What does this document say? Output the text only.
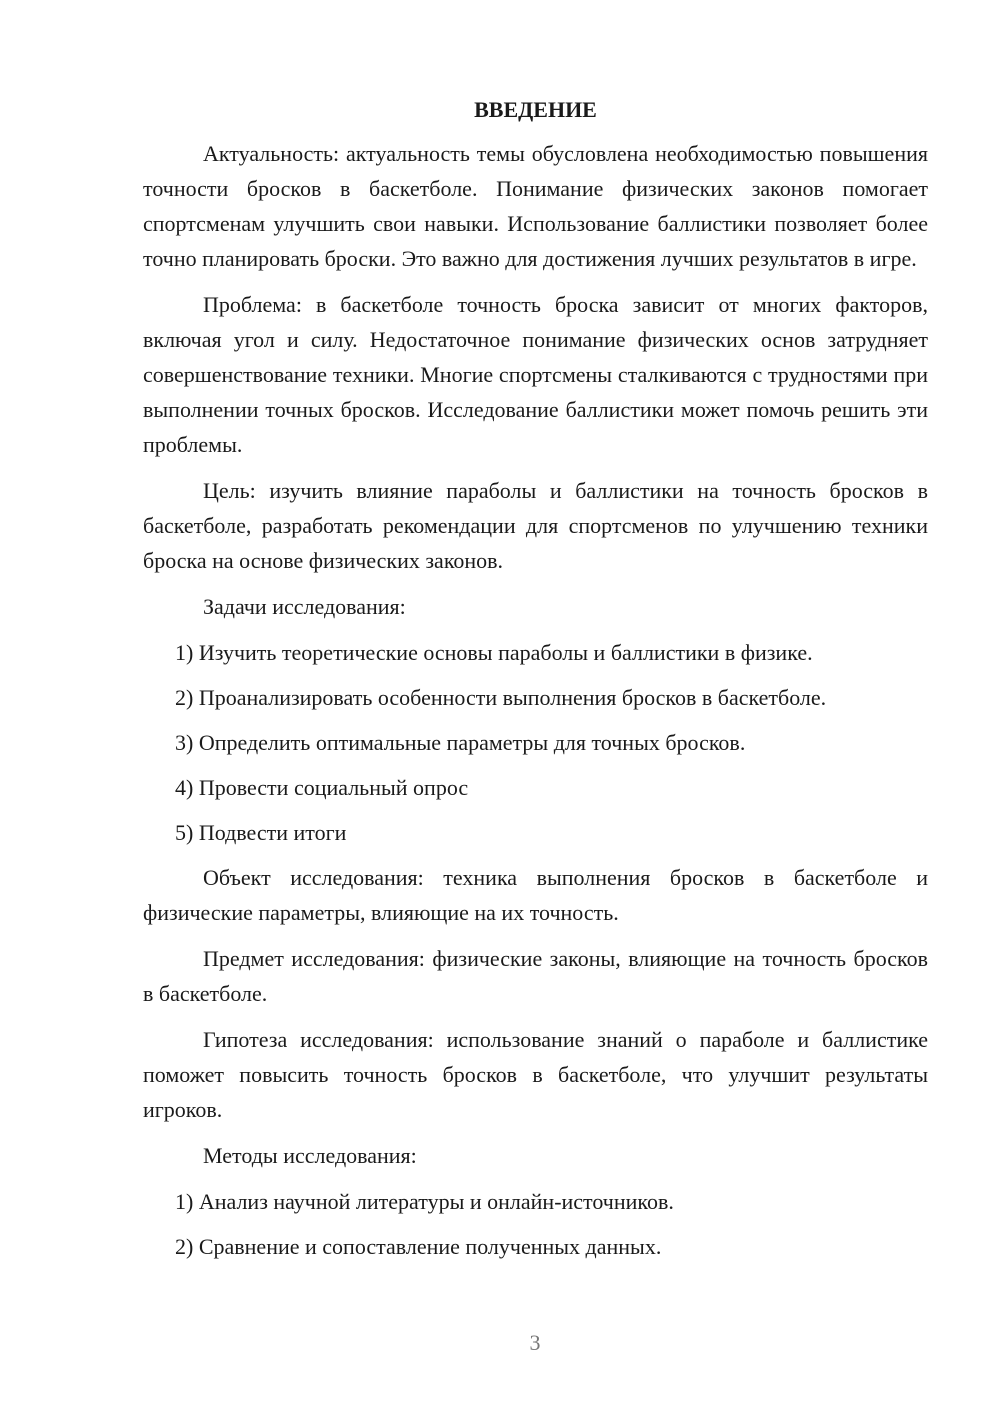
ВВЕДЕНИЕ

Актуальность: актуальность темы обусловлена необходимостью повышения точности бросков в баскетболе. Понимание физических законов помогает спортсменам улучшить свои навыки. Использование баллистики позволяет более точно планировать броски. Это важно для достижения лучших результатов в игре.

Проблема: в баскетболе точность броска зависит от многих факторов, включая угол и силу. Недостаточное понимание физических основ затрудняет совершенствование техники. Многие спортсмены сталкиваются с трудностями при выполнении точных бросков. Исследование баллистики может помочь решить эти проблемы.

Цель: изучить влияние параболы и баллистики на точность бросков в баскетболе, разработать рекомендации для спортсменов по улучшению техники броска на основе физических законов.

Задачи исследования:

1) Изучить теоретические основы параболы и баллистики в физике.
2) Проанализировать особенности выполнения бросков в баскетболе.
3) Определить оптимальные параметры для точных бросков.
4) Провести социальный опрос
5) Подвести итоги

Объект исследования: техника выполнения бросков в баскетболе и физические параметры, влияющие на их точность.

Предмет исследования: физические законы, влияющие на точность бросков в баскетболе.

Гипотеза исследования: использование знаний о параболе и баллистике поможет повысить точность бросков в баскетболе, что улучшит результаты игроков.

Методы исследования:

1) Анализ научной литературы и онлайн-источников.
2) Сравнение и сопоставление полученных данных.
3
